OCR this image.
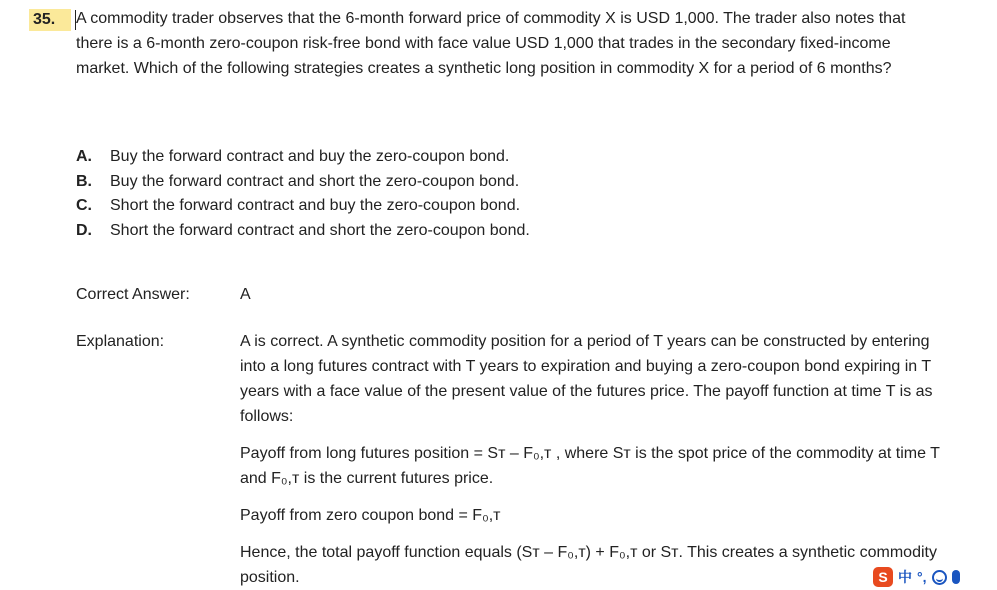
35.	A commodity trader observes that the 6-month forward price of commodity X is USD 1,000. The trader also notes that there is a 6-month zero-coupon risk-free bond with face value USD 1,000 that trades in the secondary fixed-income market. Which of the following strategies creates a synthetic long position in commodity X for a period of 6 months?

A.	Buy the forward contract and buy the zero-coupon bond.
B.	Buy the forward contract and short the zero-coupon bond.
C.	Short the forward contract and buy the zero-coupon bond.
D.	Short the forward contract and short the zero-coupon bond.
Correct Answer:	A
Explanation:	A is correct. A synthetic commodity position for a period of T years can be constructed by entering into a long futures contract with T years to expiration and buying a zero-coupon bond expiring in T years with a face value of the present value of the futures price. The payoff function at time T is as follows:

Payoff from long futures position = Sᴛ – F₀,ᴛ , where Sᴛ is the spot price of the commodity at time T and F₀,ᴛ is the current futures price.

Payoff from zero coupon bond = F₀,ᴛ

Hence, the total payoff function equals (Sᴛ – F₀,ᴛ) + F₀,ᴛ or Sᴛ. This creates a synthetic commodity position.	S 中 °,
